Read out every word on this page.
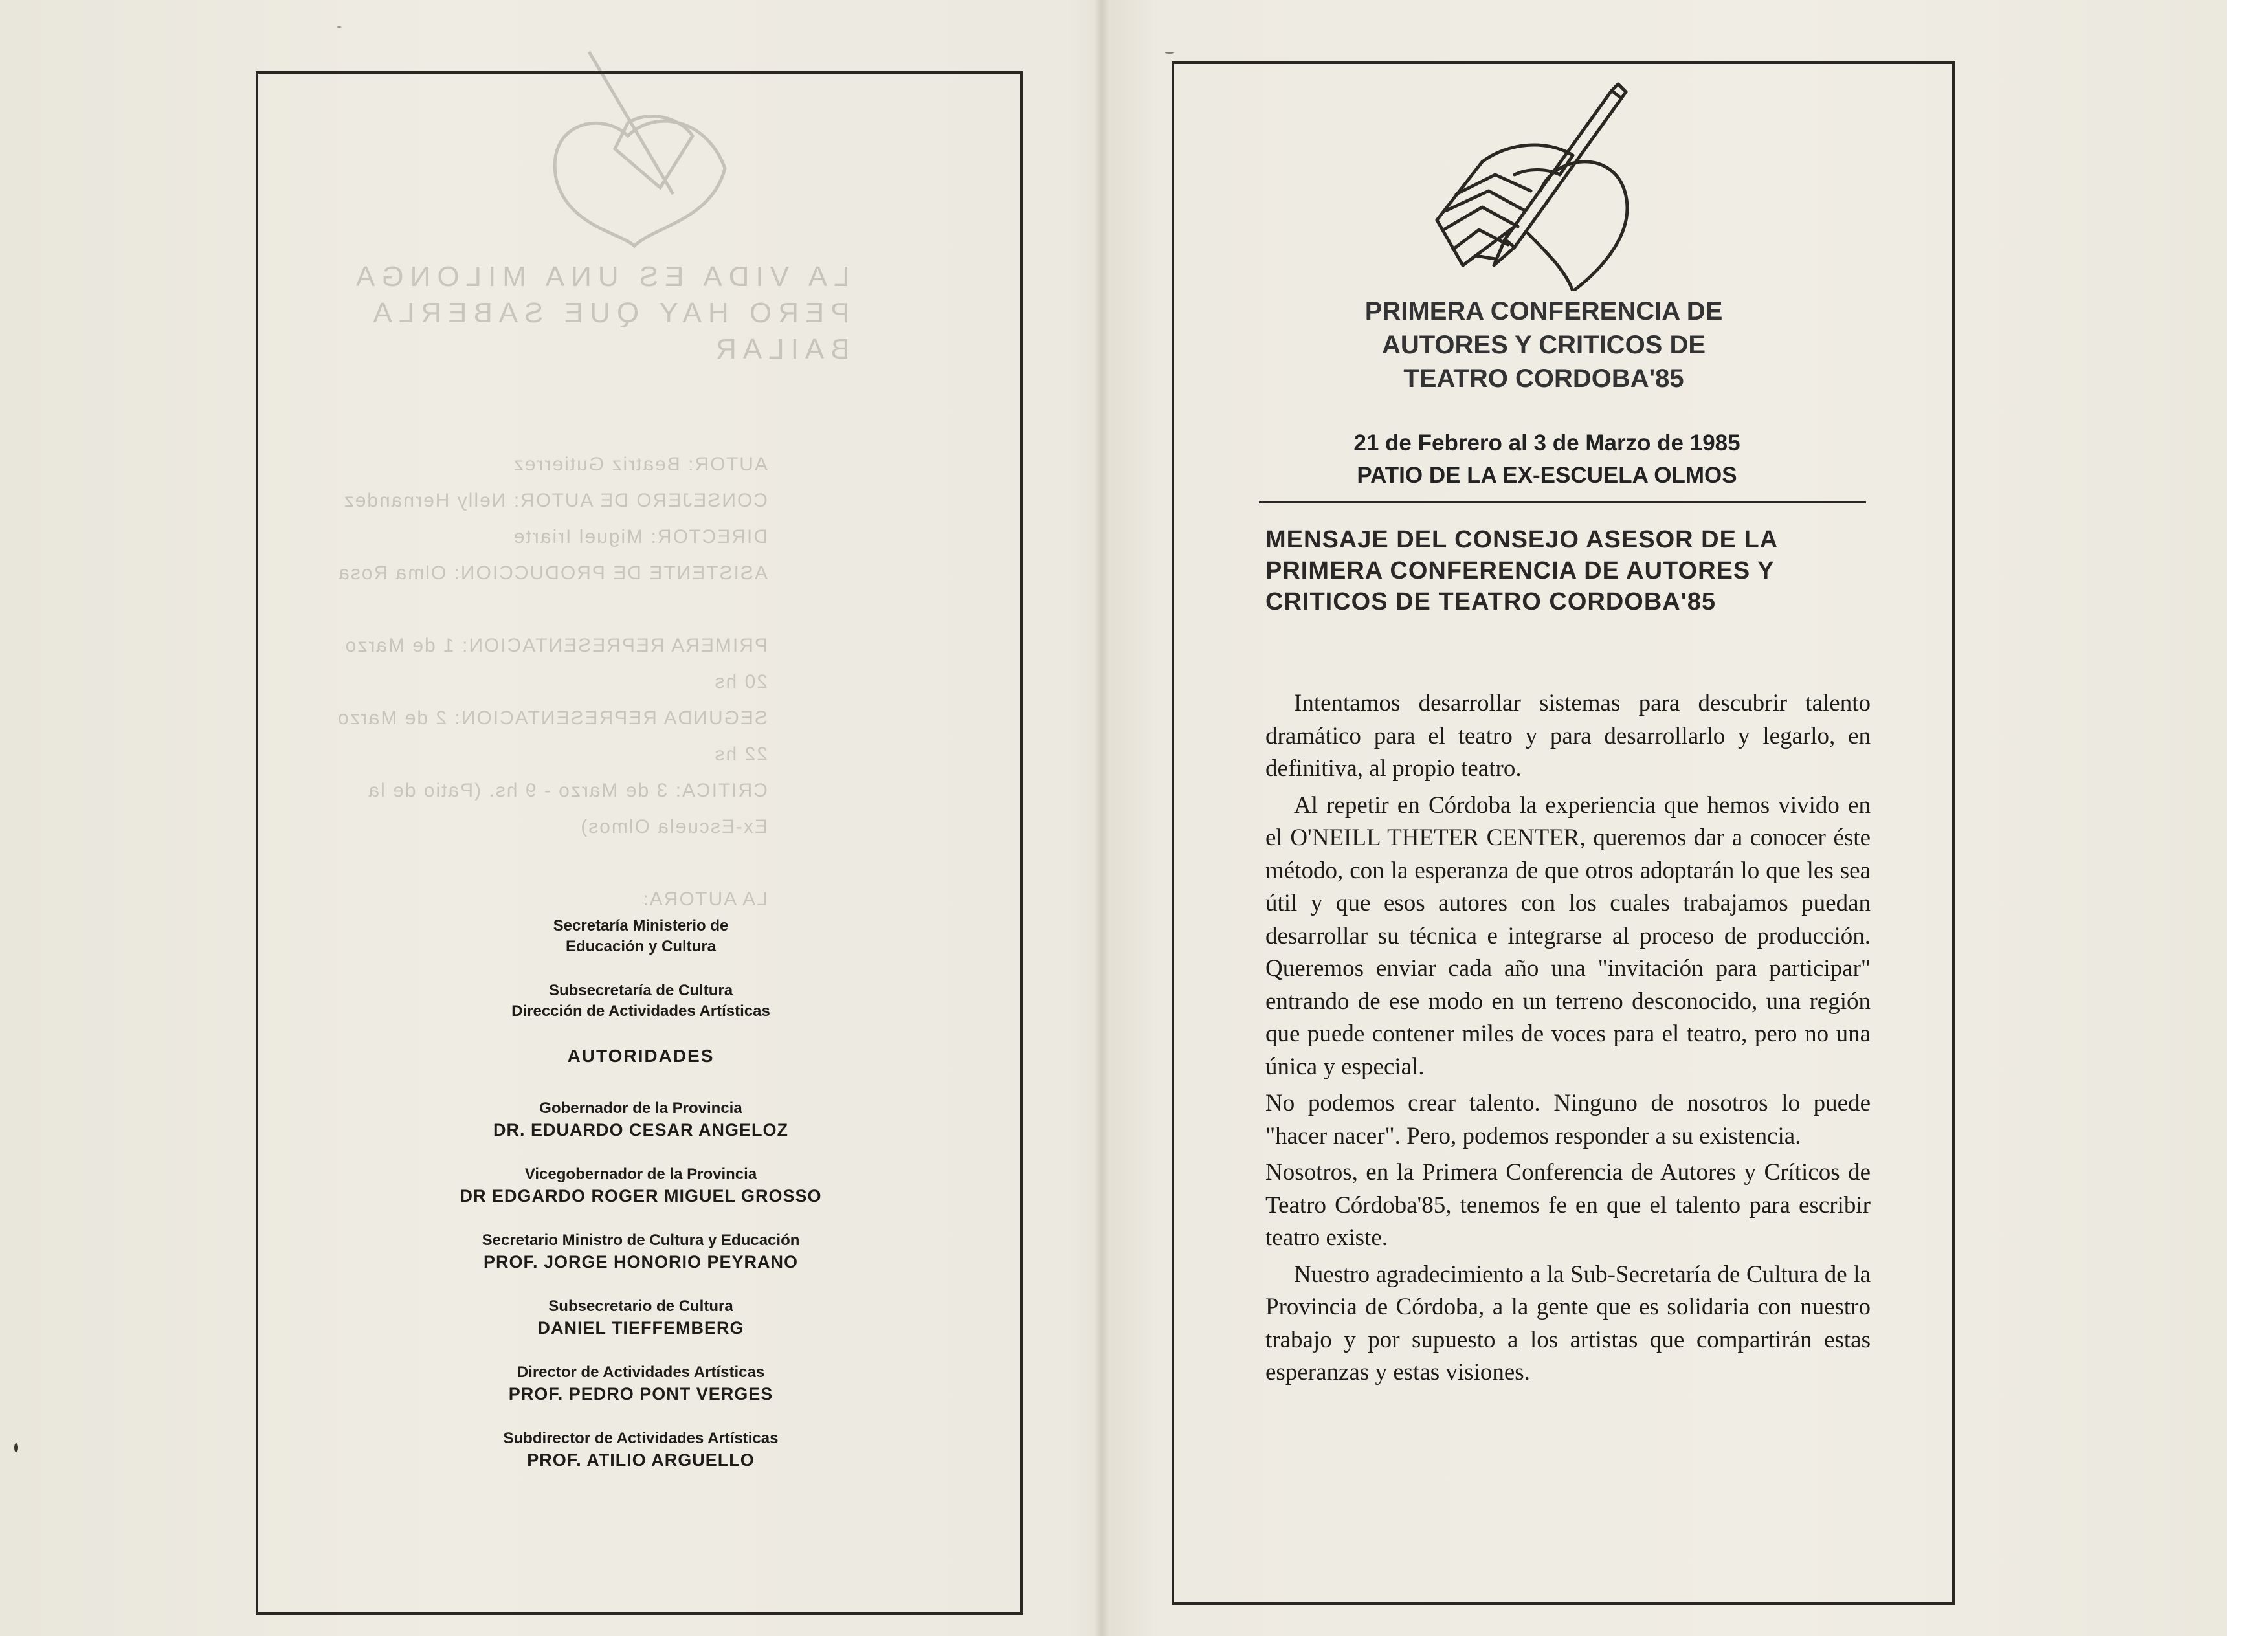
LA VIDA ES UNA MILONGA
PERO HAY QUE SABERLA
BAILAR
AUTOR: Beatriz Gutierrez
CONSEJERO DE AUTOR: Nelly Hernandez
DIRECTOR: Miguel Iriarte
ASISTENTE DE PRODUCCION: Olma Rosa

PRIMERA REPRESENTACION: 1 de Marzo
20 hs
SEGUNDA REPRESENTACION: 2 de Marzo
22 hs
CRITICA: 3 de Marzo - 9 hs. (Patio de la
Ex-Escuela Olmos)

LA AUTORA:
Secretaría Ministerio de
Educación y Cultura
Subsecretaría de Cultura
Dirección de Actividades Artísticas
AUTORIDADES
Gobernador de la Provincia
DR. EDUARDO CESAR ANGELOZ
Vicegobernador de la Provincia
DR EDGARDO ROGER MIGUEL GROSSO
Secretario Ministro de Cultura y Educación
PROF. JORGE HONORIO PEYRANO
Subsecretario de Cultura
DANIEL TIEFFEMBERG
Director de Actividades Artísticas
PROF. PEDRO PONT VERGES
Subdirector de Actividades Artísticas
PROF. ATILIO ARGUELLO
PRIMERA CONFERENCIA DE
AUTORES Y CRITICOS DE
TEATRO CORDOBA'85
21 de Febrero al 3 de Marzo de 1985
PATIO DE LA EX-ESCUELA OLMOS
MENSAJE DEL CONSEJO ASESOR DE LA PRIMERA CONFERENCIA DE AUTORES Y CRITICOS DE TEATRO CORDOBA'85

Intentamos desarrollar sistemas para descubrir talento dramático para el teatro y para desarrollarlo y legarlo, en definitiva, al propio teatro.

Al repetir en Córdoba la experiencia que hemos vivido en el O'NEILL THETER CENTER, queremos dar a conocer éste método, con la esperanza de que otros adoptarán lo que les sea útil y que esos autores con los cuales trabajamos puedan desarrollar su técnica e integrarse al proceso de producción. Queremos enviar cada año una "invitación para participar" entrando de ese modo en un terreno desconocido, una región que puede contener miles de voces para el teatro, pero no una única y especial.

No podemos crear talento. Ninguno de nosotros lo puede "hacer nacer". Pero, podemos responder a su existencia.

Nosotros, en la Primera Conferencia de Autores y Críticos de Teatro Córdoba'85, tenemos fe en que el talento para escribir teatro existe.

Nuestro agradecimiento a la Sub-Secretaría de Cultura de la Provincia de Córdoba, a la gente que es solidaria con nuestro trabajo y por supuesto a los artistas que compartirán estas esperanzas y estas visiones.
